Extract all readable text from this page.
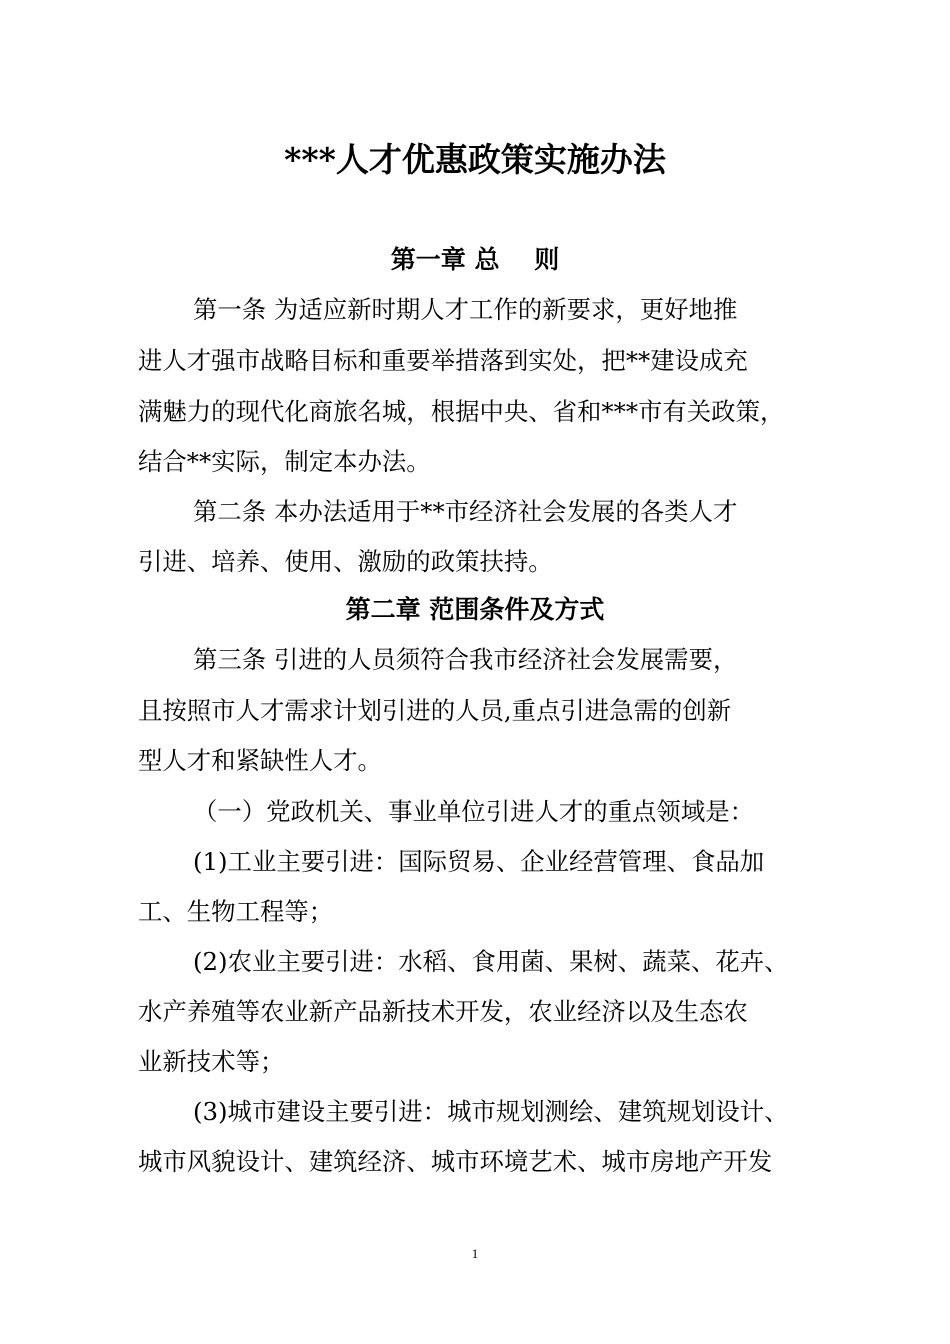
***人才优惠政策实施办法
第一章 总    则

第一条 为适应新时期人才工作的新要求，更好地推

进人才强市战略目标和重要举措落到实处，把**建设成充

满魅力的现代化商旅名城，根据中央、省和***市有关政策，

结合**实际，制定本办法。

第二条 本办法适用于**市经济社会发展的各类人才

引进、培养、使用、激励的政策扶持。

第二章 范围条件及方式

第三条 引进的人员须符合我市经济社会发展需要，

且按照市人才需求计划引进的人员,重点引进急需的创新

型人才和紧缺性人才。

（一）党政机关、事业单位引进人才的重点领域是：

(1)工业主要引进：国际贸易、企业经营管理、食品加

工、生物工程等；

(2)农业主要引进：水稻、食用菌、果树、蔬菜、花卉、

水产养殖等农业新产品新技术开发，农业经济以及生态农

业新技术等；

(3)城市建设主要引进：城市规划测绘、建筑规划设计、

城市风貌设计、建筑经济、城市环境艺术、城市房地产开发

1
